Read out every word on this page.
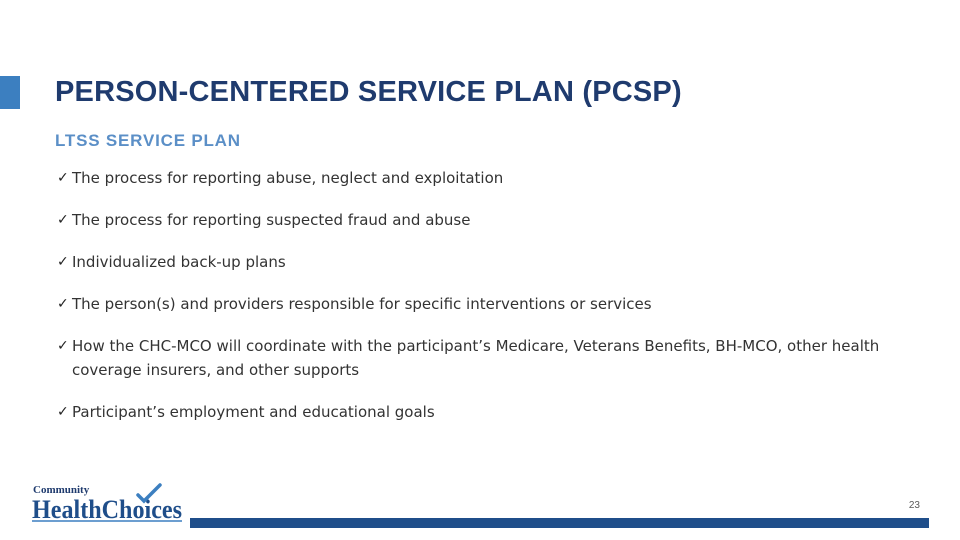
PERSON-CENTERED SERVICE PLAN (PCSP)
LTSS SERVICE PLAN
✓ The process for reporting abuse, neglect and exploitation
✓ The process for reporting suspected fraud and abuse
✓ Individualized back-up plans
✓ The person(s) and providers responsible for specific interventions or services
✓ How the CHC-MCO will coordinate with the participant’s Medicare, Veterans Benefits, BH-MCO, other health coverage insurers, and other supports
✓ Participant’s employment and educational goals
Community
HealthChoices	23
